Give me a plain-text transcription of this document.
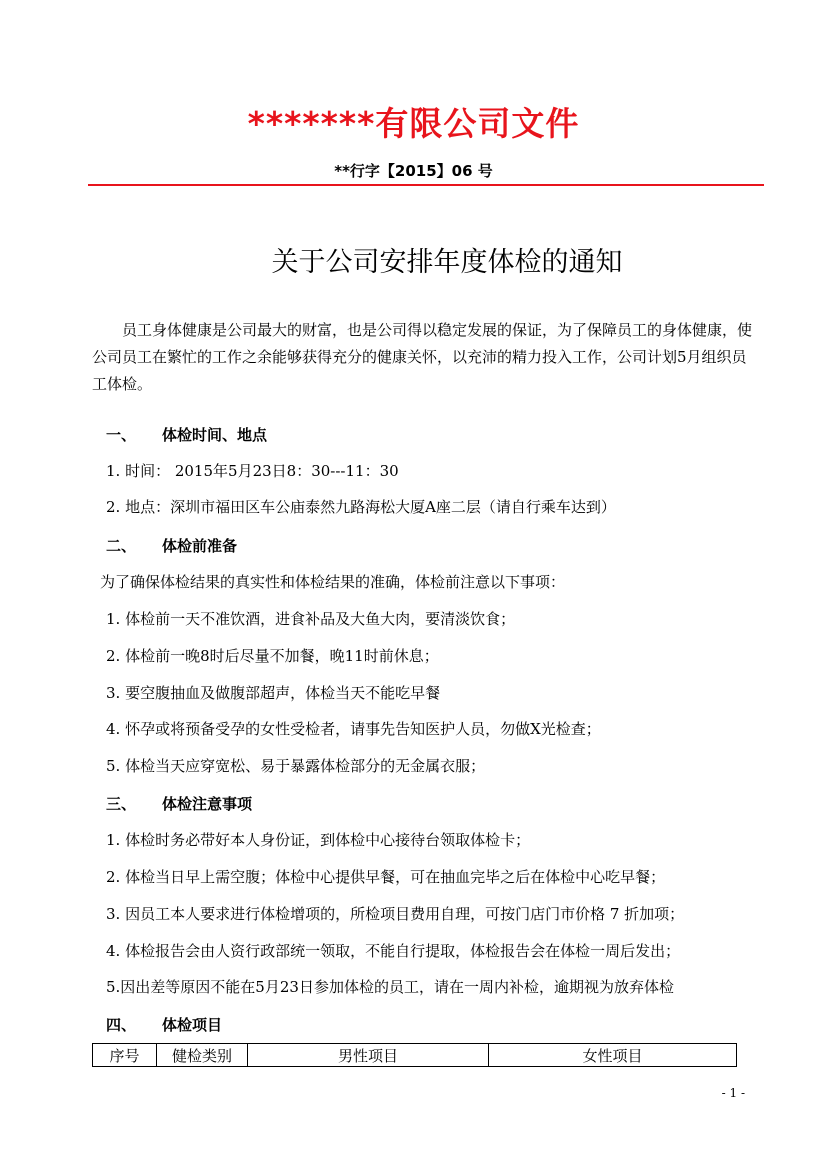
*******有限公司文件
**行字【2015】06 号
关于公司安排年度体检的通知
员工身体健康是公司最大的财富，也是公司得以稳定发展的保证，为了保障员工的身体健康，使公司员工在繁忙的工作之余能够获得充分的健康关怀，以充沛的精力投入工作，公司计划5月组织员工体检。
一、 体检时间、地点
1. 时间： 2015年5月23日8：30---11：30
2. 地点：深圳市福田区车公庙泰然九路海松大厦A座二层（请自行乘车达到）
二、 体检前准备
为了确保体检结果的真实性和体检结果的准确，体检前注意以下事项：
1. 体检前一天不准饮酒，进食补品及大鱼大肉，要清淡饮食；
2. 体检前一晚8时后尽量不加餐，晚11时前休息；
3. 要空腹抽血及做腹部超声，体检当天不能吃早餐
4. 怀孕或将预备受孕的女性受检者，请事先告知医护人员，勿做X光检查；
5. 体检当天应穿宽松、易于暴露体检部分的无金属衣服；
三、 体检注意事项
1. 体检时务必带好本人身份证，到体检中心接待台领取体检卡；
2. 体检当日早上需空腹；体检中心提供早餐，可在抽血完毕之后在体检中心吃早餐；
3. 因员工本人要求进行体检增项的，所检项目费用自理，可按门店门市价格 7 折加项；
4. 体检报告会由人资行政部统一领取，不能自行提取，体检报告会在体检一周后发出；
5.因出差等原因不能在5月23日参加体检的员工，请在一周内补检，逾期视为放弃体检
四、 体检项目
序号	健检类别	男性项目	女性项目
- 1 -
